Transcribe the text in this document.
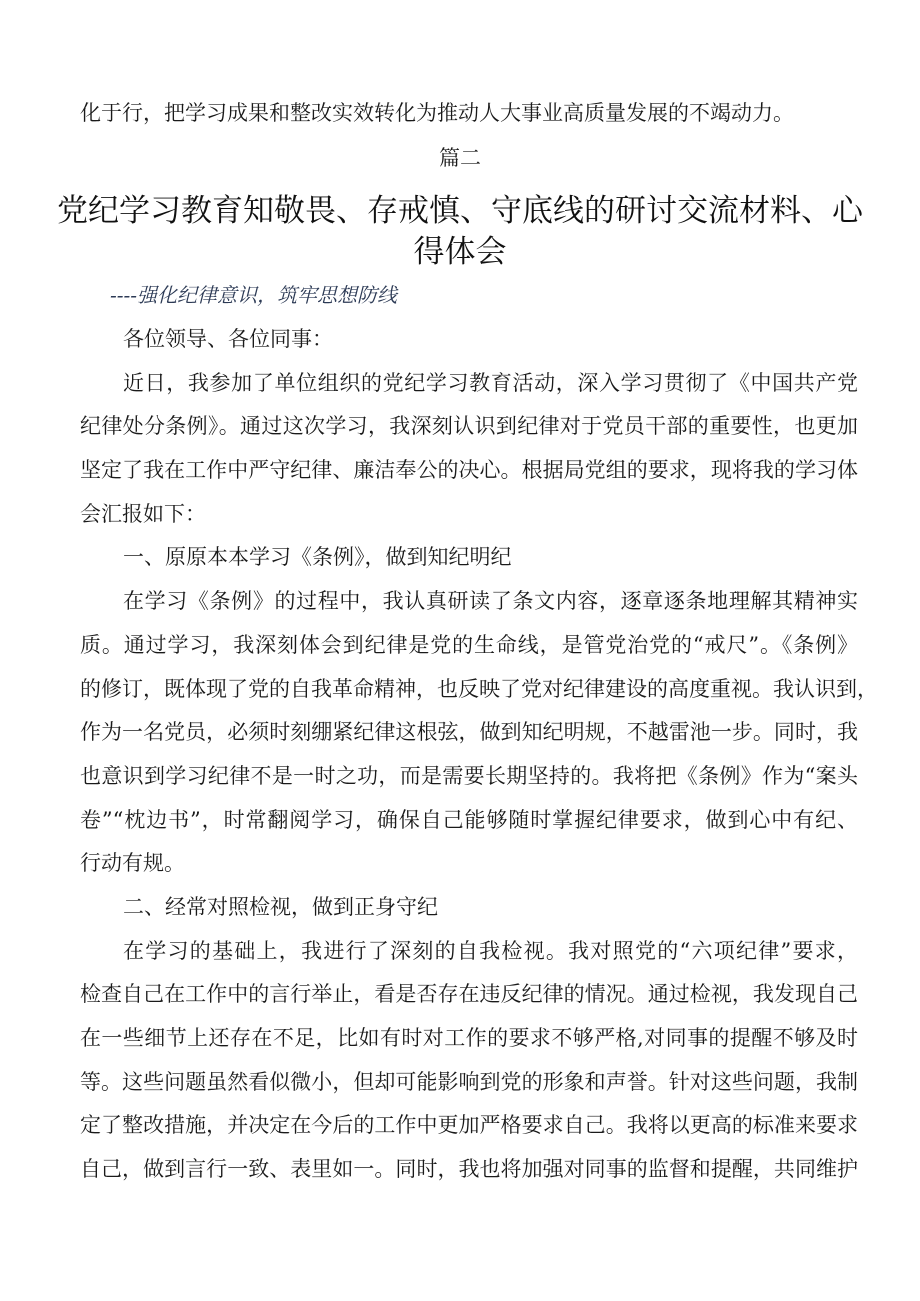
化于行，把学习成果和整改实效转化为推动人大事业高质量发展的不竭动力。
篇二
党纪学习教育知敬畏、存戒慎、守底线的研讨交流材料、心
得体会
----强化纪律意识，筑牢思想防线
各位领导、各位同事：
近日，我参加了单位组织的党纪学习教育活动，深入学习贯彻了《中国共产党
纪律处分条例》。通过这次学习，我深刻认识到纪律对于党员干部的重要性，也更加
坚定了我在工作中严守纪律、廉洁奉公的决心。根据局党组的要求，现将我的学习体
会汇报如下：
一、原原本本学习《条例》，做到知纪明纪
在学习《条例》的过程中，我认真研读了条文内容，逐章逐条地理解其精神实
质。通过学习，我深刻体会到纪律是党的生命线，是管党治党的“戒尺”。《条例》
的修订，既体现了党的自我革命精神，也反映了党对纪律建设的高度重视。我认识到，
作为一名党员，必须时刻绷紧纪律这根弦，做到知纪明规，不越雷池一步。同时，我
也意识到学习纪律不是一时之功，而是需要长期坚持的。我将把《条例》作为“案头
卷”“枕边书”，时常翻阅学习，确保自己能够随时掌握纪律要求，做到心中有纪、
行动有规。
二、经常对照检视，做到正身守纪
在学习的基础上，我进行了深刻的自我检视。我对照党的“六项纪律”要求，
检查自己在工作中的言行举止，看是否存在违反纪律的情况。通过检视，我发现自己
在一些细节上还存在不足，比如有时对工作的要求不够严格,对同事的提醒不够及时
等。这些问题虽然看似微小，但却可能影响到党的形象和声誉。针对这些问题，我制
定了整改措施，并决定在今后的工作中更加严格要求自己。我将以更高的标准来要求
自己，做到言行一致、表里如一。同时，我也将加强对同事的监督和提醒，共同维护
